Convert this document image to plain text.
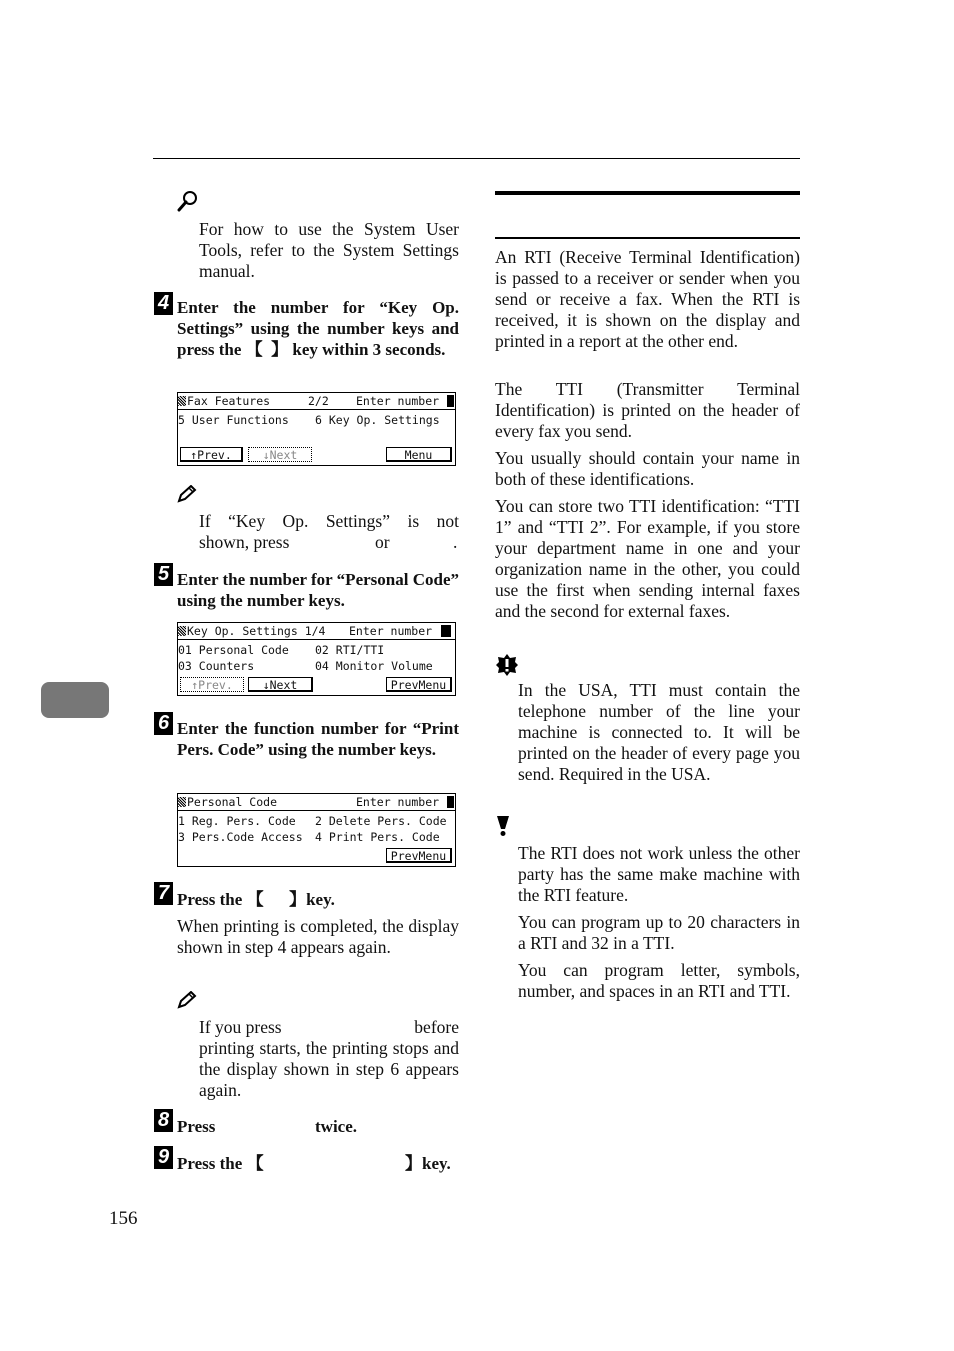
For how to use the System User Tools, refer to the System Settings manual.
4 Enter the number for “Key Op. Settings” using the number keys and press the 【 】 key within 3 seconds.
Fax Features	2/2 Enter number
5 User Functions 6 Key Op. Settings
↑Prev.	↓Next	Menu
If “Key Op. Settings” is not
shown, press	or	.
5 Enter the number for “Personal Code” using the number keys.
Key Op. Settings 1/4 Enter number
01 Personal Code 02 RTI/TTI
03 Counters	04 Monitor Volume
↑Prev.	↓Next	PrevMenu
6 Enter the function number for “Print Pers. Code” using the number keys.
Personal Code	Enter number
1 Reg. Pers. Code 2 Delete Pers. Code
3 Pers.Code Access 4 Print Pers. Code
PrevMenu
7 Press the 【 】key.
When printing is completed, the display shown in step 4 appears again.
If you press	before
printing starts, the printing stops and the display shown in step 6 appears again.
8 Press	twice.
9 Press the 【	】key.
An RTI (Receive Terminal Identification) is passed to a receiver or sender when you send or receive a fax. When the RTI is received, it is shown on the display and printed in a report at the other end.
The TTI (Transmitter Terminal Identification) is printed on the header of every fax you send.
You usually should contain your name in both of these identifications.
You can store two TTI identification: “TTI 1” and “TTI 2”. For example, if you store your department name in one and your organization name in the other, you could use the first when sending internal faxes and the second for external faxes.
In the USA, TTI must contain the telephone number of the line your machine is connected to. It will be printed on the header of every page you send. Required in the USA.
The RTI does not work unless the other party has the same make machine with the RTI feature.
You can program up to 20 characters in a RTI and 32 in a TTI.
You can program letter, symbols, number, and spaces in an RTI and TTI.
156
